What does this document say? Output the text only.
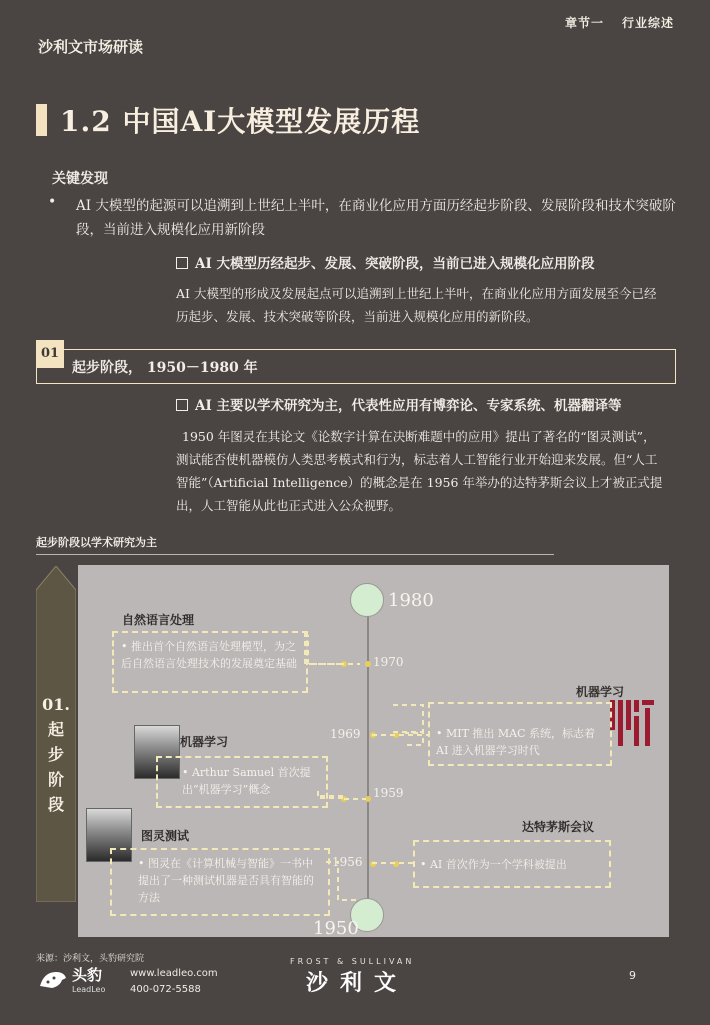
沙利文市场研读
章节一 行业综述
1.2 中国AI大模型发展历程
关键发现
• AI 大模型的起源可以追溯到上世纪上半叶，在商业化应用方面历经起步阶段、发展阶段和技术突破阶段，当前进入规模化应用新阶段
AI 大模型历经起步、发展、突破阶段，当前已进入规模化应用阶段
AI 大模型的形成及发展起点可以追溯到上世纪上半叶，在商业化应用方面发展至今已经历起步、发展、技术突破等阶段，当前进入规模化应用的新阶段。
01
起步阶段， 1950－1980 年
AI 主要以学术研究为主，代表性应用有博弈论、专家系统、机器翻译等
1950 年图灵在其论文《论数字计算在决断难题中的应用》提出了著名的“图灵测试”，测试能否使机器模仿人类思考模式和行为，标志着人工智能行业开始迎来发展。但“人工智能”（Artificial Intelligence）的概念是在 1956 年举办的达特茅斯会议上才被正式提出，人工智能从此也正式进入公众视野。
起步阶段以学术研究为主
01.
起
步
阶
段
1980
1950
1970
1969
1959
1956
自然语言处理
• 推出首个自然语言处理模型，为之后自然语言处理技术的发展奠定基础
机器学习
• Arthur Samuel 首次提出“机器学习”概念
图灵测试
• 图灵在《计算机械与智能》一书中提出了一种测试机器是否具有智能的方法
机器学习
• MIT 推出 MAC 系统，标志着 AI 进入机器学习时代
达特茅斯会议
• AI 首次作为一个学科被提出
来源：沙利文，头豹研究院
头豹
LeadLeo
www.leadleo.com
400-072-5588
FROST & SULLIVAN
沙利文	9
